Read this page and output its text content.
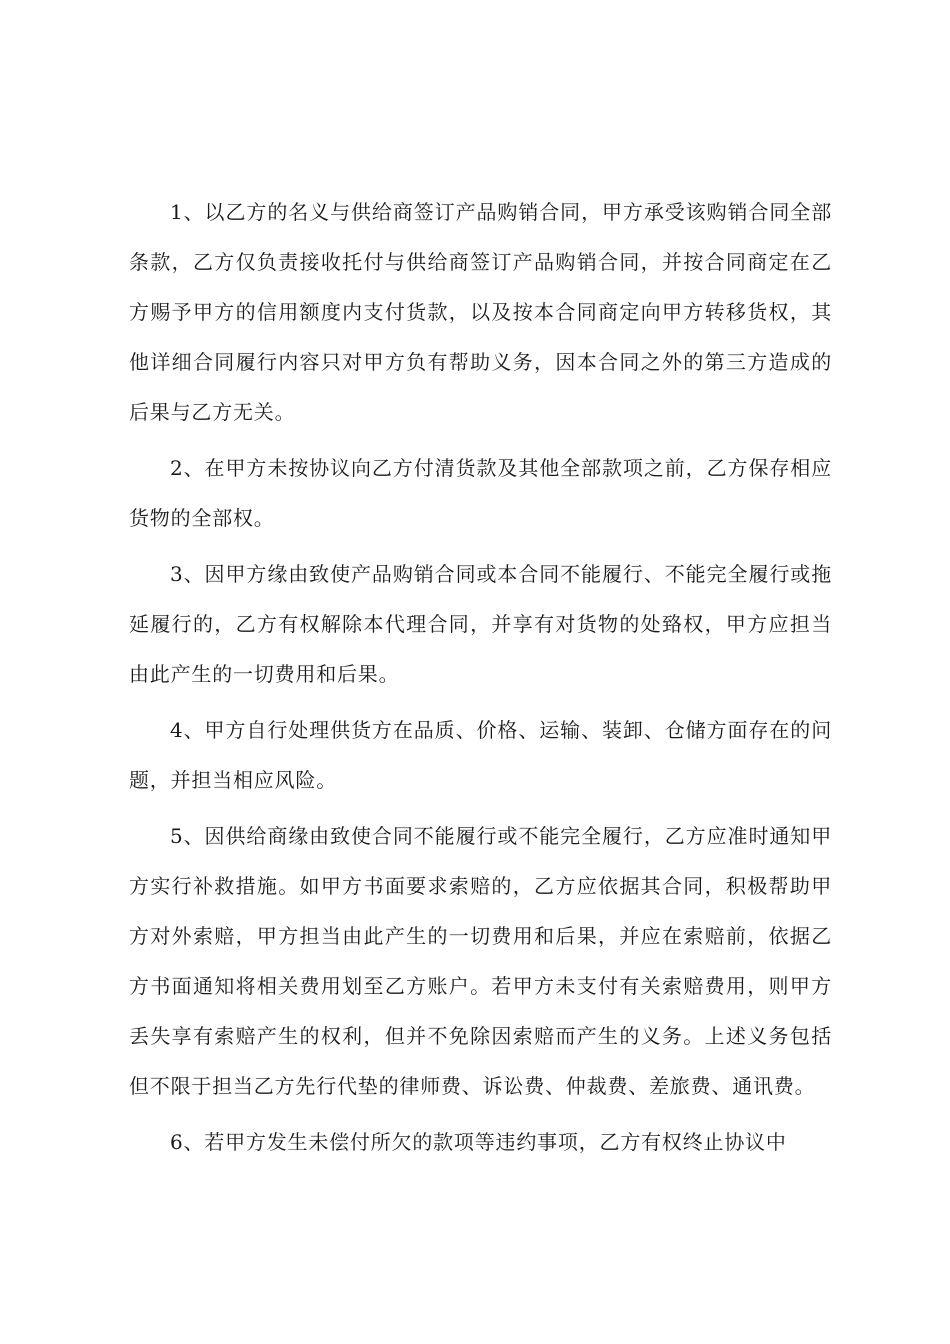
1、以乙方的名义与供给商签订产品购销合同，甲方承受该购销合同全部条款，乙方仅负责接收托付与供给商签订产品购销合同，并按合同商定在乙方赐予甲方的信用额度内支付货款，以及按本合同商定向甲方转移货权，其他详细合同履行内容只对甲方负有帮助义务，因本合同之外的第三方造成的后果与乙方无关。

2、在甲方未按协议向乙方付清货款及其他全部款项之前，乙方保存相应货物的全部权。

3、因甲方缘由致使产品购销合同或本合同不能履行、不能完全履行或拖延履行的，乙方有权解除本代理合同，并享有对货物的处臵权，甲方应担当由此产生的一切费用和后果。

4、甲方自行处理供货方在品质、价格、运输、装卸、仓储方面存在的问题，并担当相应风险。

5、因供给商缘由致使合同不能履行或不能完全履行，乙方应准时通知甲方实行补救措施。如甲方书面要求索赔的，乙方应依据其合同，积极帮助甲方对外索赔，甲方担当由此产生的一切费用和后果，并应在索赔前，依据乙方书面通知将相关费用划至乙方账户。若甲方未支付有关索赔费用，则甲方丢失享有索赔产生的权利，但并不免除因索赔而产生的义务。上述义务包括但不限于担当乙方先行代垫的律师费、诉讼费、仲裁费、差旅费、通讯费。

6、若甲方发生未偿付所欠的款项等违约事项，乙方有权终止协议中
